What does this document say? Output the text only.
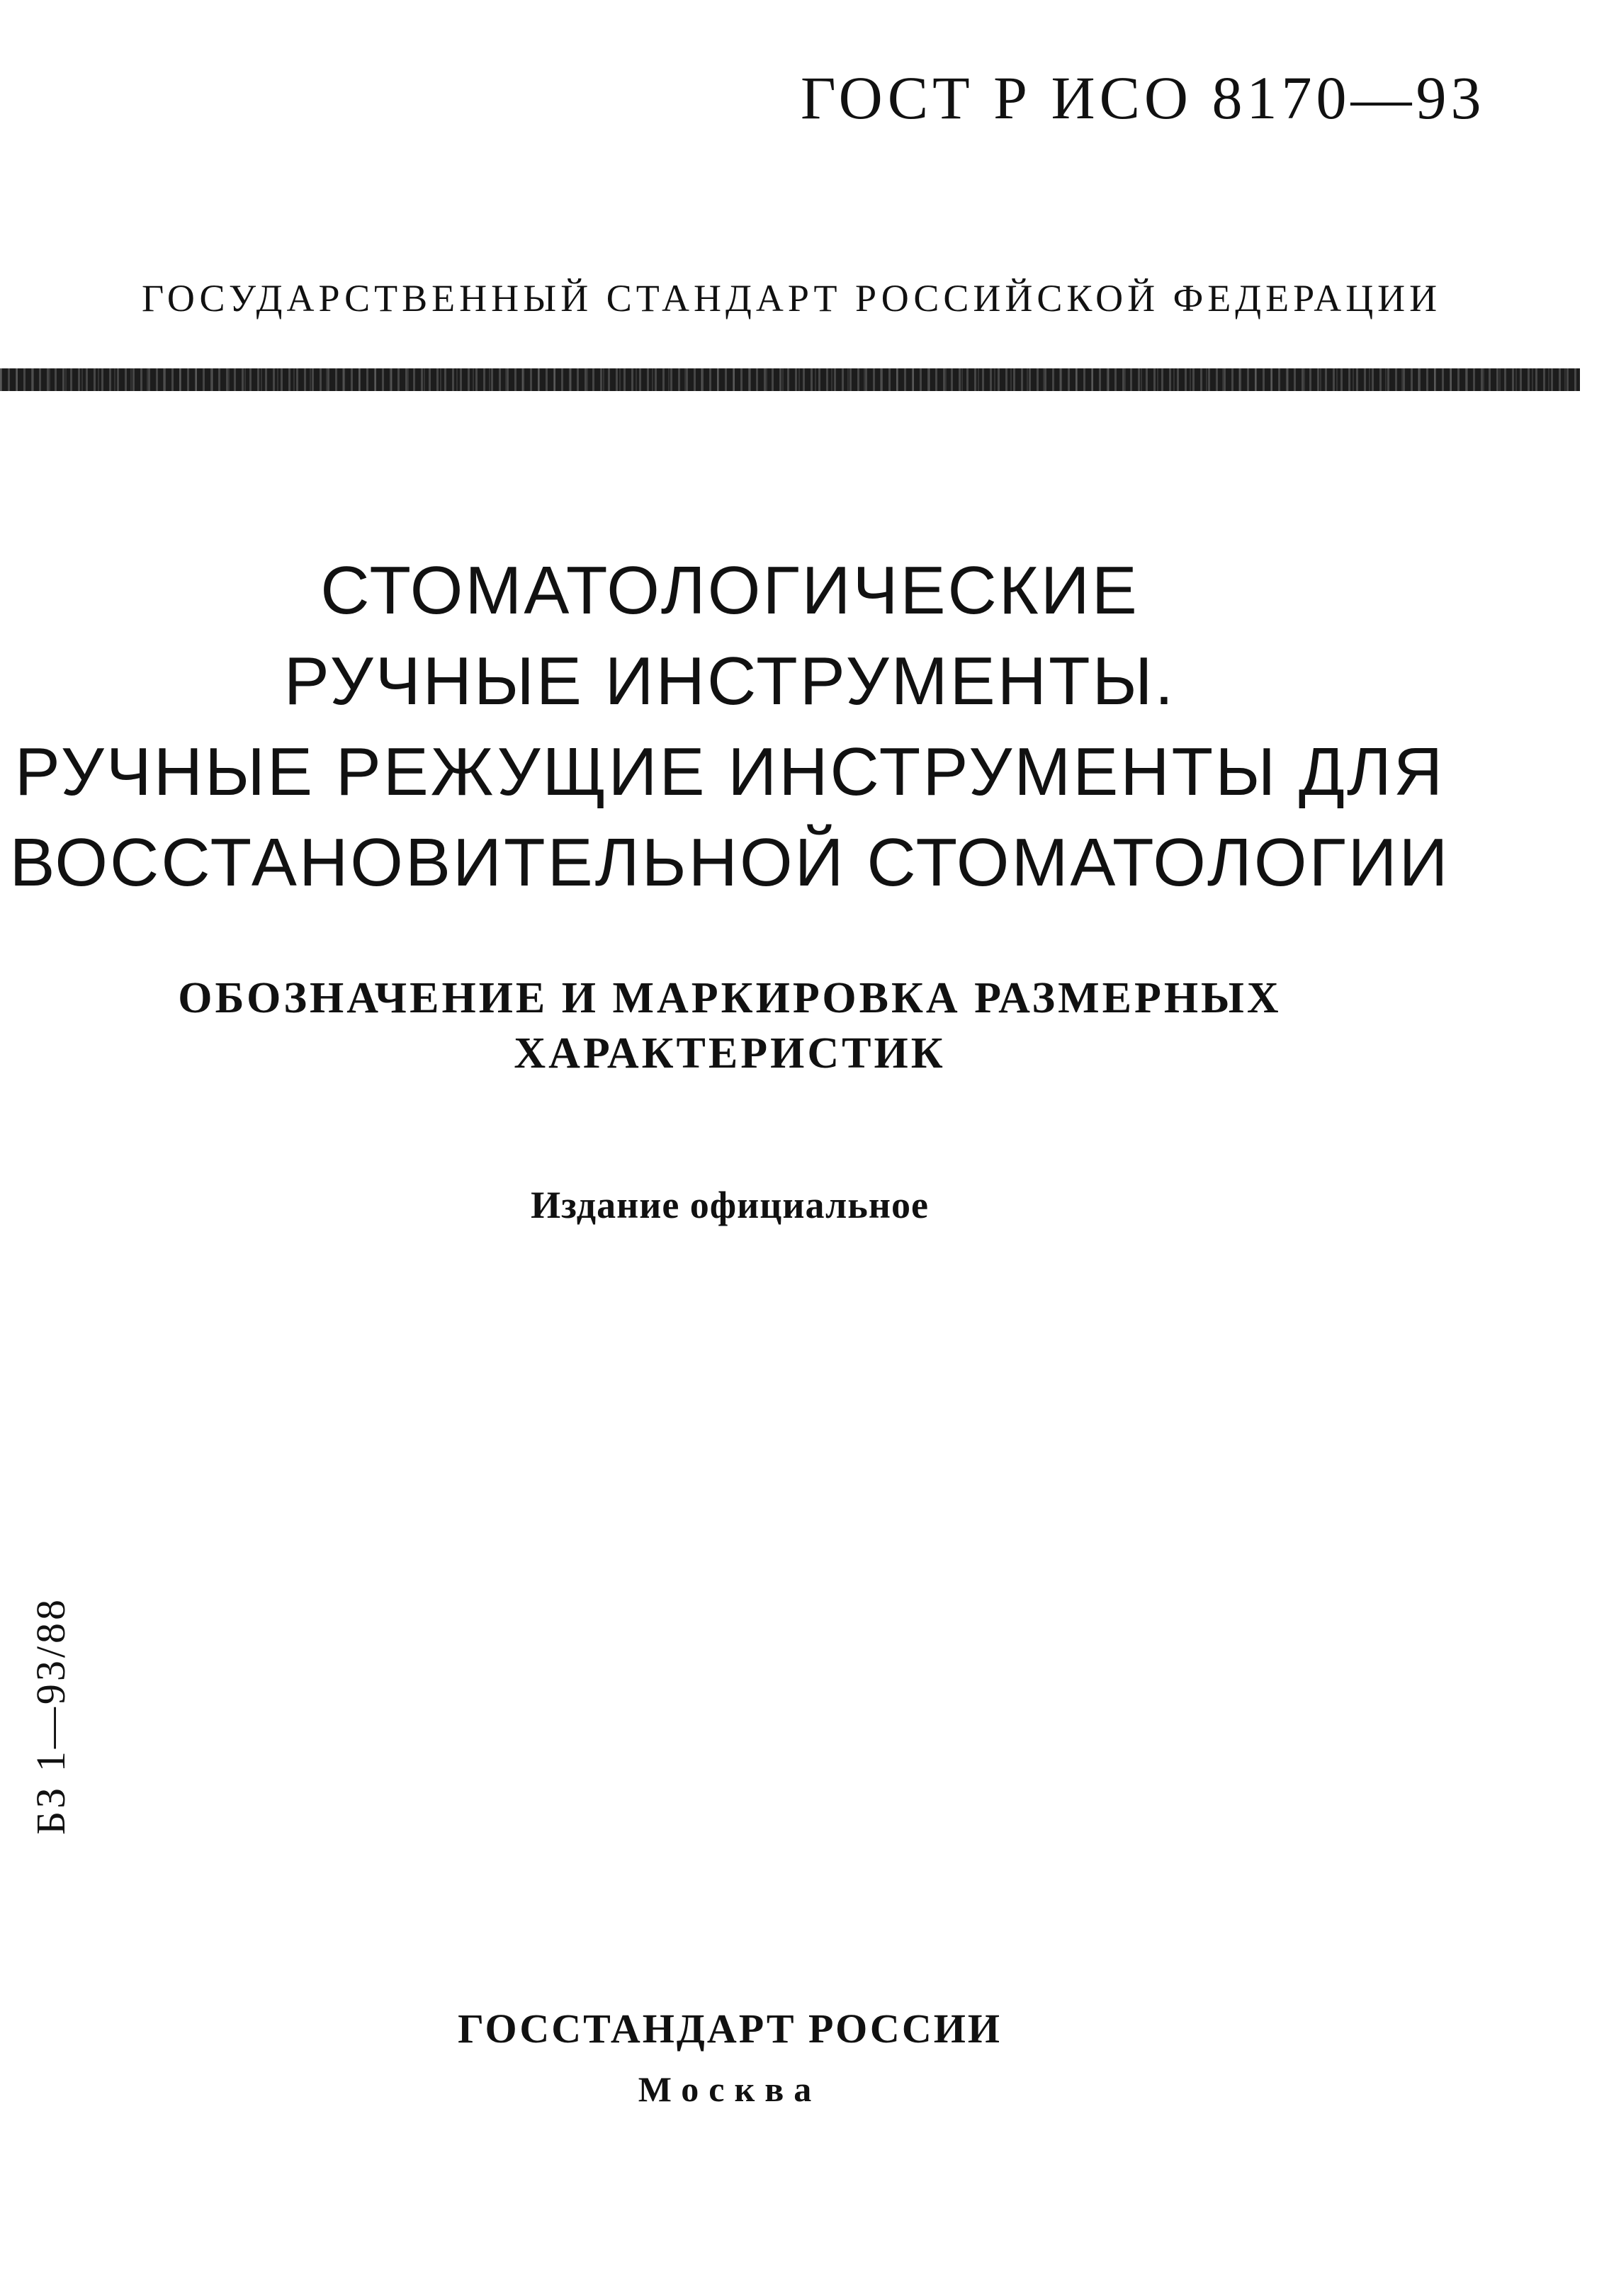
ГОСТ Р ИСО 8170—93
ГОСУДАРСТВЕННЫЙ СТАНДАРТ РОССИЙСКОЙ ФЕДЕРАЦИИ
СТОМАТОЛОГИЧЕСКИЕ
РУЧНЫЕ ИНСТРУМЕНТЫ.
РУЧНЫЕ РЕЖУЩИЕ ИНСТРУМЕНТЫ ДЛЯ
ВОССТАНОВИТЕЛЬНОЙ СТОМАТОЛОГИИ
ОБОЗНАЧЕНИЕ И МАРКИРОВКА РАЗМЕРНЫХ
ХАРАКТЕРИСТИК
Издание официальное
БЗ 1—93/88
ГОССТАНДАРТ РОССИИ
Москва
